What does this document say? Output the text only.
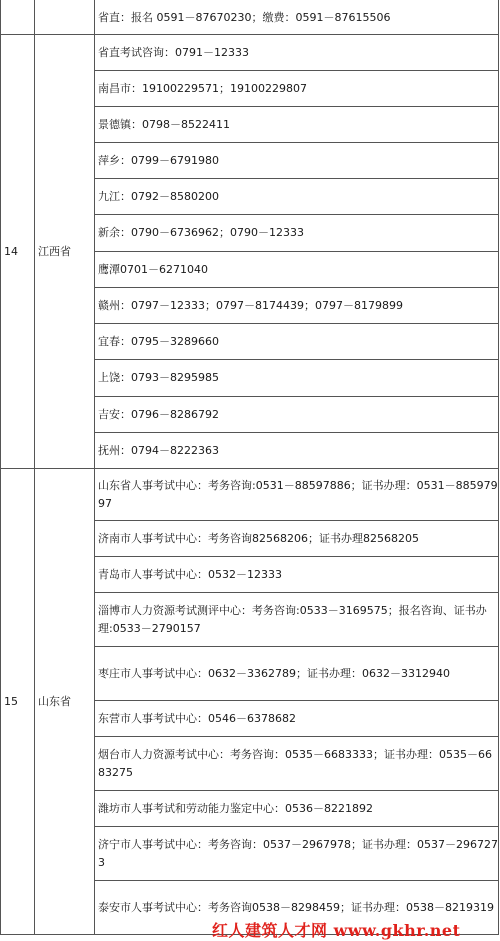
		省直：报名 0591－87670230；缴费：0591－87615506
14	江西省	省直考试咨询：0791－12333
		南昌市：19100229571；19100229807
		景德镇：0798－8522411
		萍乡：0799－6791980
		九江：0792－8580200
		新余：0790－6736962；0790－12333
		鹰潭0701－6271040
		赣州：0797－12333；0797－8174439；0797－8179899
		宜春：0795－3289660
		上饶：0793－8295985
		吉安：0796－8286792
		抚州：0794－8222363
15	山东省	山东省人事考试中心：考务咨询:0531－88597886；证书办理：0531－88597997
		济南市人事考试中心：考务咨询82568206；证书办理82568205
		青岛市人事考试中心：0532－12333
		淄博市人力资源考试测评中心：考务咨询:0533－3169575；报名咨询、证书办理:0533－2790157
		枣庄市人事考试中心：0632－3362789；证书办理：0632－3312940
		东营市人事考试中心：0546－6378682
		烟台市人力资源考试中心：考务咨询：0535－6683333；证书办理：0535－6683275
		潍坊市人事考试和劳动能力鉴定中心：0536－8221892
		济宁市人事考试中心：考务咨询：0537－2967978；证书办理：0537－2967273
		泰安市人事考试中心：考务咨询0538－8298459；证书办理：0538－8219319
红人建筑人才网 www.gkhr.net
